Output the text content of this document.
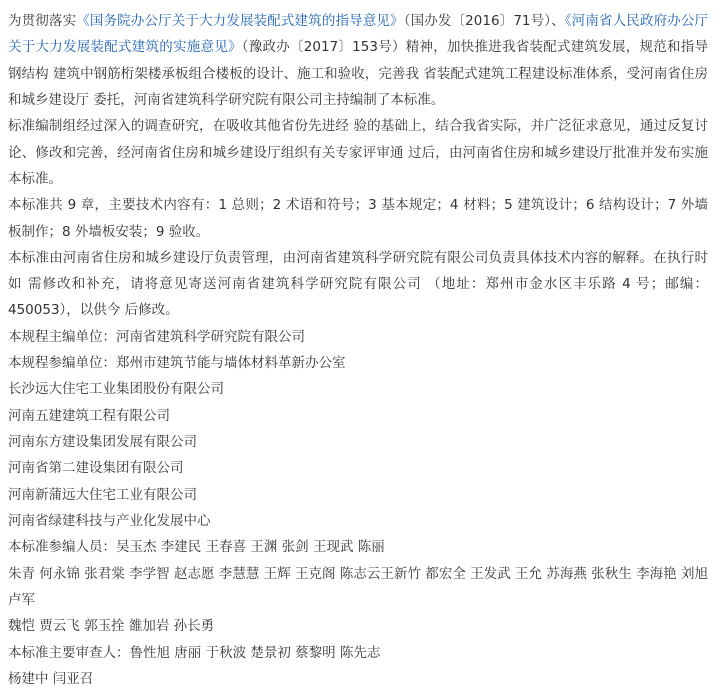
为贯彻落实《国务院办公厅关于大力发展装配式建筑的指导意见》（国办发〔2016〕71号）、《河南省人民政府办公厅 关于大力发展装配式建筑的实施意见》（豫政办〔2017〕153号）精神，加快推进我省装配式建筑发展，规范和指导钢结构 建筑中钢筋桁架楼承板组合楼板的设计、施工和验收，完善我 省装配式建筑工程建设标准体系，受河南省住房和城乡建设厅 委托，河南省建筑科学研究院有限公司主持编制了本标准。

标准编制组经过深入的调查研究，在吸收其他省份先进经 验的基础上，结合我省实际，并广泛征求意见，通过反复讨论、修改和完善，经河南省住房和城乡建设厅组织有关专家评审通 过后，由河南省住房和城乡建设厅批准并发布实施本标准。

本标准共 9 章，主要技术内容有：1 总则；2 术语和符号；3 基本规定；4 材料；5 建筑设计；6 结构设计；7 外墙板制作；8 外墙板安装；9 验收。

本标准由河南省住房和城乡建设厅负责管理，由河南省建筑科学研究院有限公司负责具体技术内容的解释。在执行时如 需修改和补充，请将意见寄送河南省建筑科学研究院有限公司 （地址：郑州市金水区丰乐路 4 号；邮编：450053），以供今 后修改。

本规程主编单位：河南省建筑科学研究院有限公司

本规程参编单位：郑州市建筑节能与墙体材料革新办公室

长沙远大住宅工业集团股份有限公司

河南五建建筑工程有限公司

河南东方建设集团发展有限公司

河南省第二建设集团有限公司

河南新蒲远大住宅工业有限公司

河南省绿建科技与产业化发展中心

本标准参编人员：吴玉杰 李建民 王春喜 王渊 张剑 王现武 陈丽

朱青 何永锦 张君棠 李学智 赵志愿 李慧慧 王辉 王克阁 陈志云王新竹 都宏全 王发武 王允 苏海燕 张秋生 李海艳 刘旭 卢军

魏恺 贾云飞 郭玉拴 雒加岩 孙长勇

本标准主要审查人：鲁性旭 唐丽 于秋波 楚景初 蔡黎明 陈先志

杨建中 闫亚召
